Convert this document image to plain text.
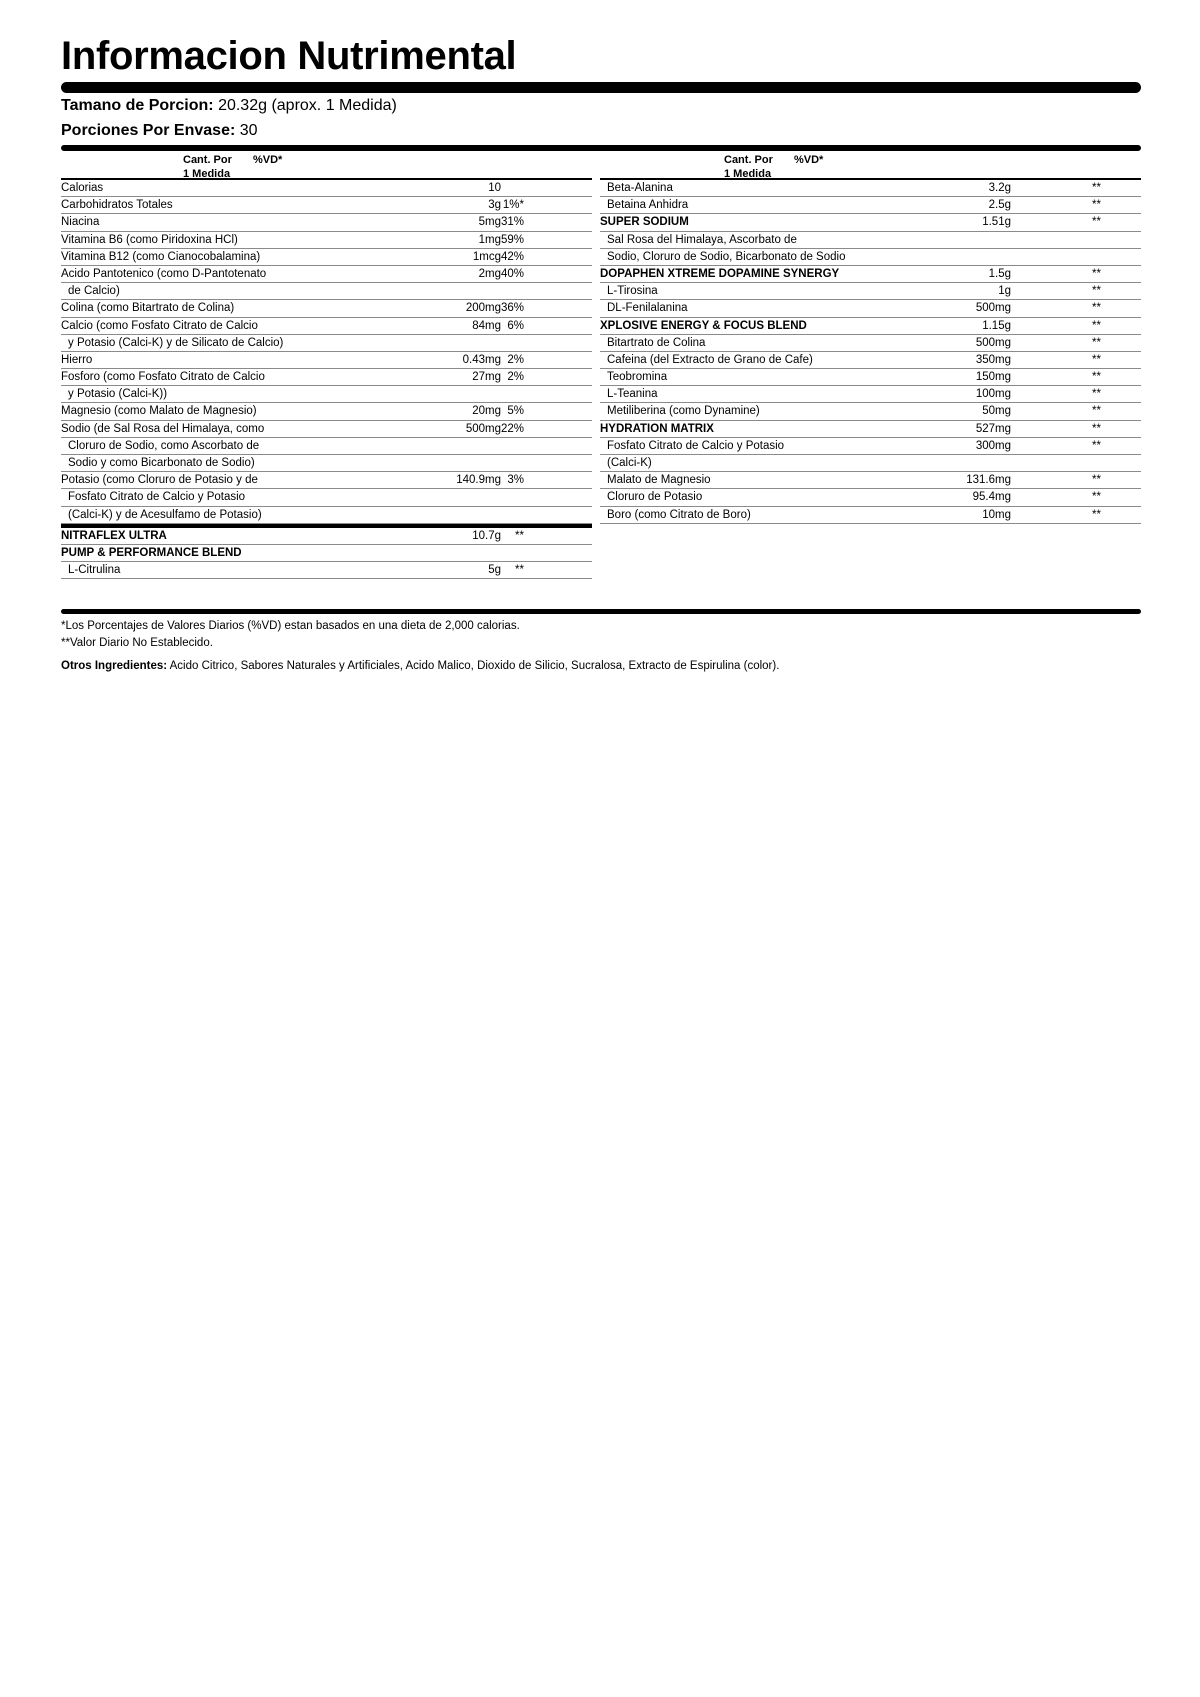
Informacion Nutrimental
Tamano de Porcion: 20.32g (aprox. 1 Medida)
Porciones Por Envase: 30
Cant. Por
1 Medida
%VD*
Calorias	10
Carbohidratos Totales	3g 1%*
Niacina	5mg 31%
Vitamina B6 (como Piridoxina HCl)	1mg 59%
Vitamina B12 (como Cianocobalamina)	1mcg 42%
Acido Pantotenico (como D-Pantotenato	2mg 40%
de Calcio)
Colina (como Bitartrato de Colina)	200mg 36%
Calcio (como Fosfato Citrato de Calcio	84mg 6%
y Potasio (Calci-K) y de Silicato de Calcio)
Hierro	0.43mg 2%
Fosforo (como Fosfato Citrato de Calcio	27mg 2%
y Potasio (Calci-K))
Magnesio (como Malato de Magnesio)	20mg 5%
Sodio (de Sal Rosa del Himalaya, como	500mg 22%
Cloruro de Sodio, como Ascorbato de
Sodio y como Bicarbonato de Sodio)
Potasio (como Cloruro de Potasio y de	140.9mg 3%
Fosfato Citrato de Calcio y Potasio
(Calci-K) y de Acesulfamo de Potasio)
NITRAFLEX ULTRA	10.7g **
PUMP & PERFORMANCE BLEND
L-Citrulina	5g **
Cant. Por
1 Medida
%VD*
Beta-Alanina	3.2g	**
Betaina Anhidra	2.5g	**
SUPER SODIUM	1.51g	**
Sal Rosa del Himalaya, Ascorbato de
Sodio, Cloruro de Sodio, Bicarbonato de Sodio
DOPAPHEN XTREME DOPAMINE SYNERGY	1.5g	**
L-Tirosina	1g	**
DL-Fenilalanina	500mg	**
XPLOSIVE ENERGY & FOCUS BLEND	1.15g	**
Bitartrato de Colina	500mg	**
Cafeina (del Extracto de Grano de Cafe)	350mg	**
Teobromina	150mg	**
L-Teanina	100mg	**
Metiliberina (como Dynamine)	50mg	**
HYDRATION MATRIX	527mg	**
Fosfato Citrato de Calcio y Potasio	300mg	**
(Calci-K)
Malato de Magnesio	131.6mg	**
Cloruro de Potasio	95.4mg	**
Boro (como Citrato de Boro)	10mg	**
*Los Porcentajes de Valores Diarios (%VD) estan basados en una dieta de 2,000 calorias.
**Valor Diario No Establecido.
Otros Ingredientes: Acido Citrico, Sabores Naturales y Artificiales, Acido Malico, Dioxido de Silicio, Sucralosa, Extracto de Espirulina (color).
